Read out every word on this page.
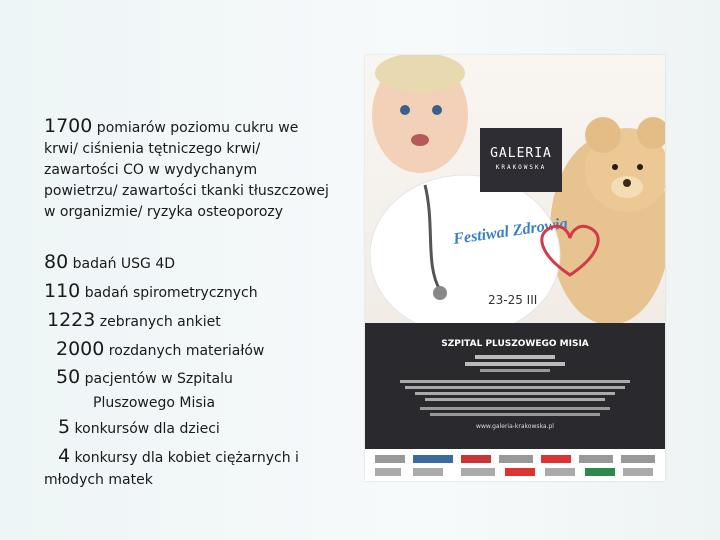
1700 pomiarów poziomu cukru we krwi/ ciśnienia tętniczego krwi/ zawartości CO w wydychanym powietrzu/ zawartości tkanki tłuszczowej w organizmie/ ryzyka osteoporozy
80 badań USG 4D
110 badań spirometrycznych
1223 zebranych ankiet
2000 rozdanych materiałów
50 pacjentów w Szpitalu
Pluszowego Misia
5 konkursów dla dzieci
4 konkursy dla kobiet ciężarnych i
młodych matek
GALERIA
KRAKOWSKA
Festiwal Zdrowia
23-25 III
SZPITAL PLUSZOWEGO MISIA
www.galeria-krakowska.pl
